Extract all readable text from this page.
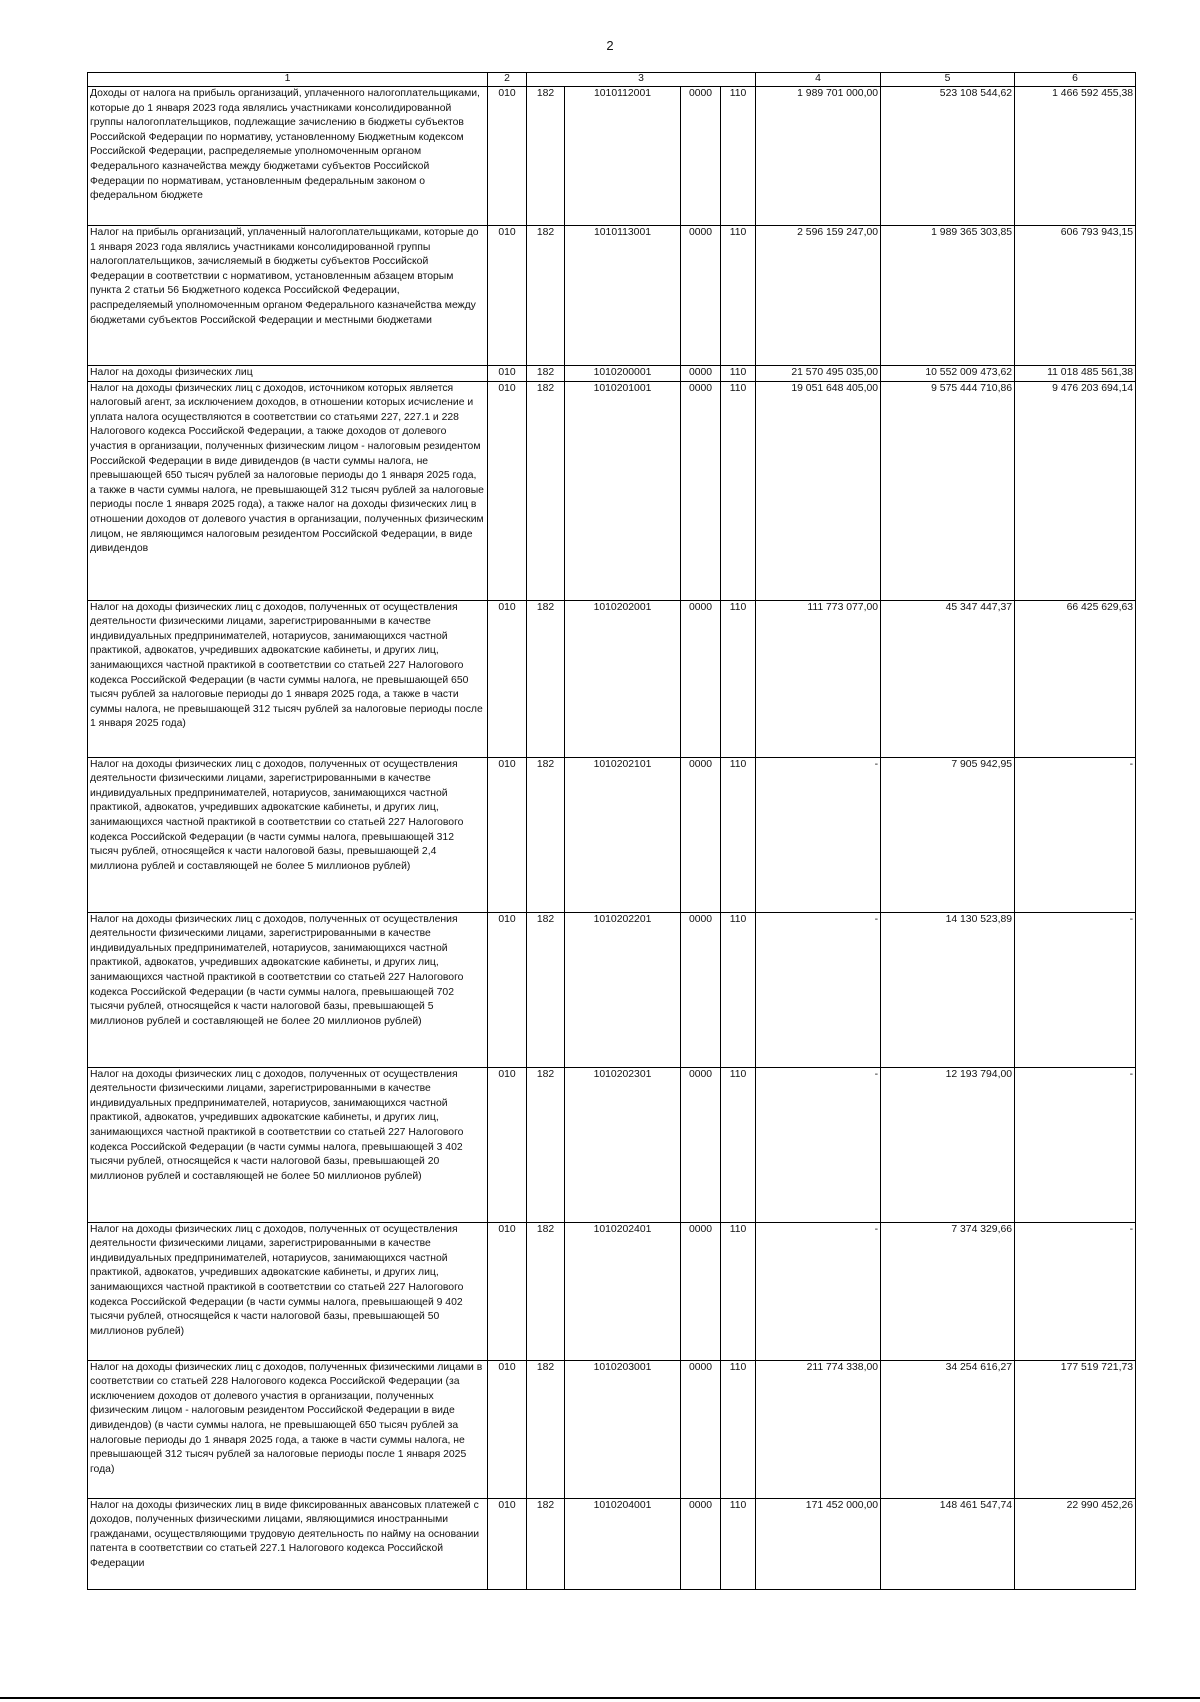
2
1	2	3				4	5	6
Доходы от налога на прибыль организаций, уплаченного налогоплательщиками, которые до 1 января 2023 года являлись участниками консолидированной группы налогоплательщиков, подлежащие зачислению в бюджеты субъектов Российской Федерации по нормативу, установленному Бюджетным кодексом Российской Федерации, распределяемые уполномоченным органом Федерального казначейства между бюджетами субъектов Российской Федерации по нормативам, установленным федеральным законом о федеральном бюджете	010	182	1010112001	0000	110	1 989 701 000,00	523 108 544,62	1 466 592 455,38
Налог на прибыль организаций, уплаченный налогоплательщиками, которые до 1 января 2023 года являлись участниками консолидированной группы налогоплательщиков, зачисляемый в бюджеты субъектов Российской Федерации в соответствии с нормативом, установленным абзацем вторым пункта 2 статьи 56 Бюджетного кодекса Российской Федерации, распределяемый уполномоченным органом Федерального казначейства между бюджетами субъектов Российской Федерации и местными бюджетами	010	182	1010113001	0000	110	2 596 159 247,00	1 989 365 303,85	606 793 943,15
Налог на доходы физических лиц	010	182	1010200001	0000	110	21 570 495 035,00	10 552 009 473,62	11 018 485 561,38
Налог на доходы физических лиц с доходов, источником которых является налоговый агент, за исключением доходов, в отношении которых исчисление и уплата налога осуществляются в соответствии со статьями 227, 227.1 и 228 Налогового кодекса Российской Федерации, а также доходов от долевого участия в организации, полученных физическим лицом - налоговым резидентом Российской Федерации в виде дивидендов (в части суммы налога, не превышающей 650 тысяч рублей за налоговые периоды до 1 января 2025 года, а также в части суммы налога, не превышающей 312 тысяч рублей за налоговые периоды после 1 января 2025 года), а также налог на доходы физических лиц в отношении доходов от долевого участия в организации, полученных физическим лицом, не являющимся налоговым резидентом Российской Федерации, в виде дивидендов	010	182	1010201001	0000	110	19 051 648 405,00	9 575 444 710,86	9 476 203 694,14
Налог на доходы физических лиц с доходов, полученных от осуществления деятельности физическими лицами, зарегистрированными в качестве индивидуальных предпринимателей, нотариусов, занимающихся частной практикой, адвокатов, учредивших адвокатские кабинеты, и других лиц, занимающихся частной практикой в соответствии со статьей 227 Налогового кодекса Российской Федерации (в части суммы налога, не превышающей 650 тысяч рублей за налоговые периоды до 1 января 2025 года, а также в части суммы налога, не превышающей 312 тысяч рублей за налоговые периоды после 1 января 2025 года)	010	182	1010202001	0000	110	111 773 077,00	45 347 447,37	66 425 629,63
Налог на доходы физических лиц с доходов, полученных от осуществления деятельности физическими лицами, зарегистрированными в качестве индивидуальных предпринимателей, нотариусов, занимающихся частной практикой, адвокатов, учредивших адвокатские кабинеты, и других лиц, занимающихся частной практикой в соответствии со статьей 227 Налогового кодекса Российской Федерации (в части суммы налога, превышающей 312 тысяч рублей, относящейся к части налоговой базы, превышающей 2,4 миллиона рублей и составляющей не более 5 миллионов рублей)	010	182	1010202101	0000	110	-	7 905 942,95	-
Налог на доходы физических лиц с доходов, полученных от осуществления деятельности физическими лицами, зарегистрированными в качестве индивидуальных предпринимателей, нотариусов, занимающихся частной практикой, адвокатов, учредивших адвокатские кабинеты, и других лиц, занимающихся частной практикой в соответствии со статьей 227 Налогового кодекса Российской Федерации (в части суммы налога, превышающей 702 тысячи рублей, относящейся к части налоговой базы, превышающей 5 миллионов рублей и составляющей не более 20 миллионов рублей)	010	182	1010202201	0000	110	-	14 130 523,89	-
Налог на доходы физических лиц с доходов, полученных от осуществления деятельности физическими лицами, зарегистрированными в качестве индивидуальных предпринимателей, нотариусов, занимающихся частной практикой, адвокатов, учредивших адвокатские кабинеты, и других лиц, занимающихся частной практикой в соответствии со статьей 227 Налогового кодекса Российской Федерации (в части суммы налога, превышающей 3 402 тысячи рублей, относящейся к части налоговой базы, превышающей 20 миллионов рублей и составляющей не более 50 миллионов рублей)	010	182	1010202301	0000	110	-	12 193 794,00	-
Налог на доходы физических лиц с доходов, полученных от осуществления деятельности физическими лицами, зарегистрированными в качестве индивидуальных предпринимателей, нотариусов, занимающихся частной практикой, адвокатов, учредивших адвокатские кабинеты, и других лиц, занимающихся частной практикой в соответствии со статьей 227 Налогового кодекса Российской Федерации (в части суммы налога, превышающей 9 402 тысячи рублей, относящейся к части налоговой базы, превышающей 50 миллионов рублей)	010	182	1010202401	0000	110	-	7 374 329,66	-
Налог на доходы физических лиц с доходов, полученных физическими лицами в соответствии со статьей 228 Налогового кодекса Российской Федерации (за исключением доходов от долевого участия в организации, полученных физическим лицом - налоговым резидентом Российской Федерации в виде дивидендов) (в части суммы налога, не превышающей 650 тысяч рублей за налоговые периоды до 1 января 2025 года, а также в части суммы налога, не превышающей 312 тысяч рублей за налоговые периоды после 1 января 2025 года)	010	182	1010203001	0000	110	211 774 338,00	34 254 616,27	177 519 721,73
Налог на доходы физических лиц в виде фиксированных авансовых платежей с доходов, полученных физическими лицами, являющимися иностранными гражданами, осуществляющими трудовую деятельность по найму на основании патента в соответствии со статьей 227.1 Налогового кодекса Российской Федерации	010	182	1010204001	0000	110	171 452 000,00	148 461 547,74	22 990 452,26
